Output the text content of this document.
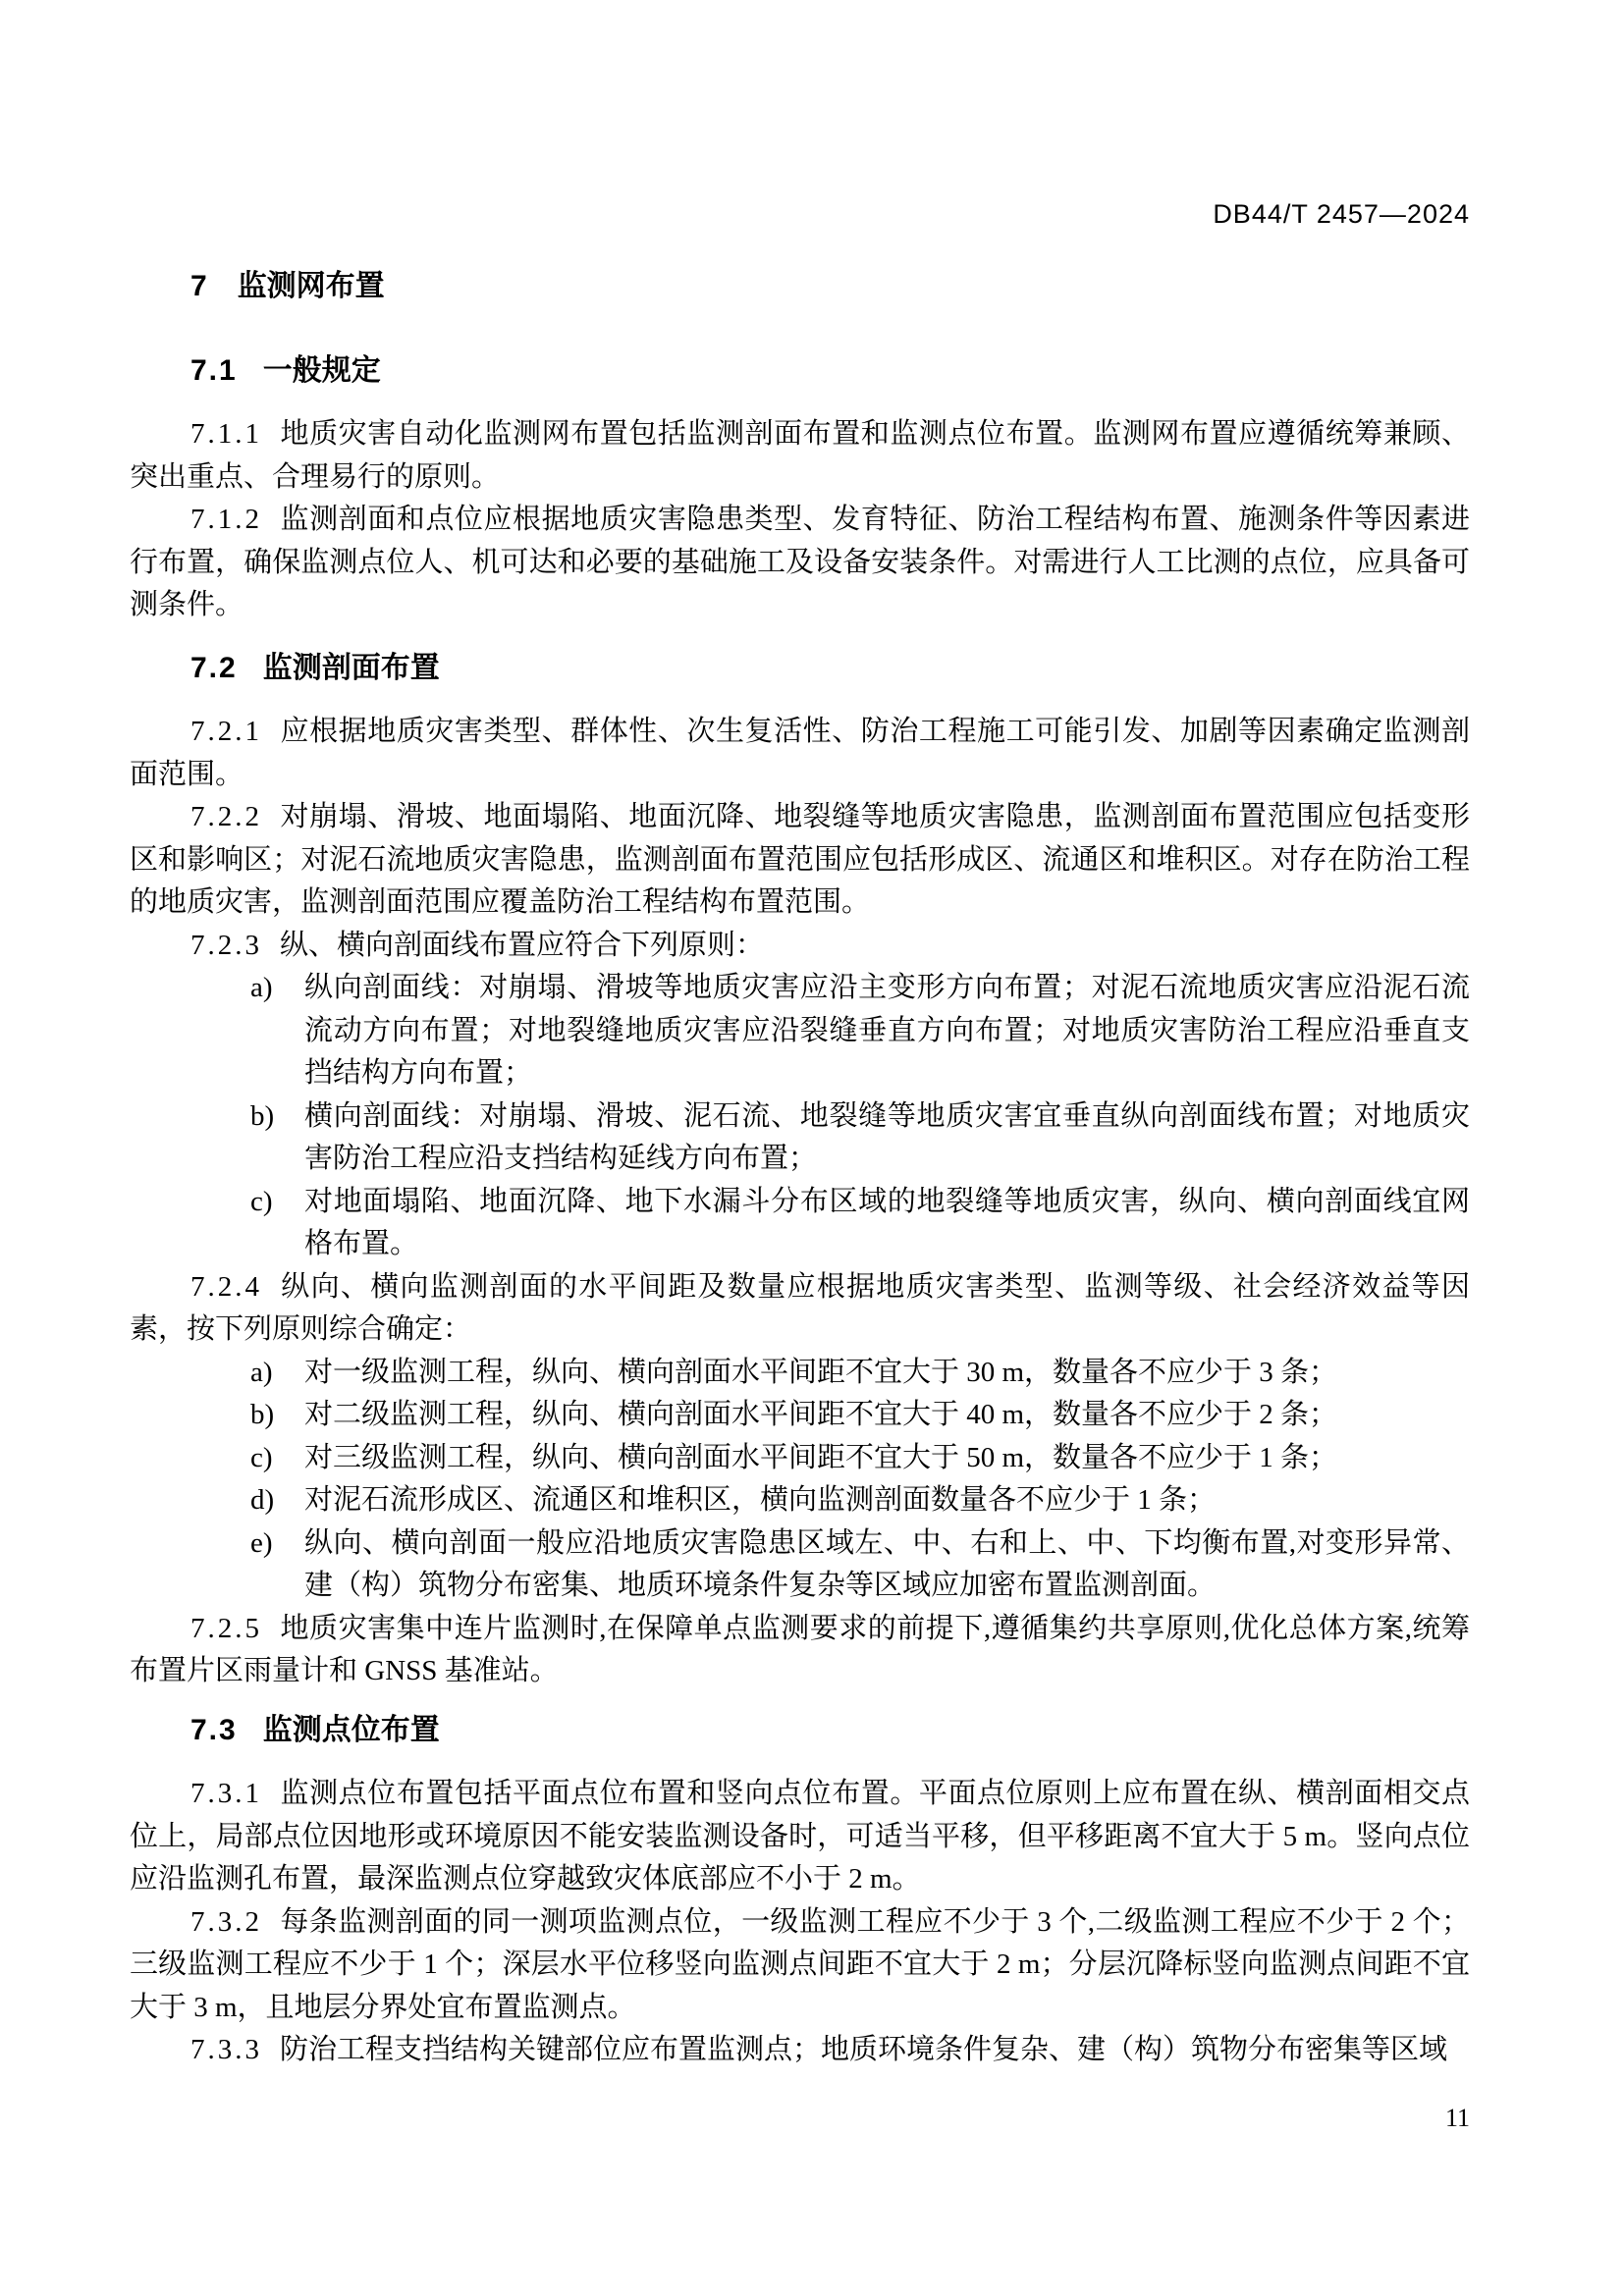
DB44/T 2457—2024
7 监测网布置
7.1 一般规定

7.1.1 地质灾害自动化监测网布置包括监测剖面布置和监测点位布置。监测网布置应遵循统筹兼顾、突出重点、合理易行的原则。

7.1.2 监测剖面和点位应根据地质灾害隐患类型、发育特征、防治工程结构布置、施测条件等因素进行布置，确保监测点位人、机可达和必要的基础施工及设备安装条件。对需进行人工比测的点位，应具备可测条件。

7.2 监测剖面布置

7.2.1 应根据地质灾害类型、群体性、次生复活性、防治工程施工可能引发、加剧等因素确定监测剖面范围。

7.2.2 对崩塌、滑坡、地面塌陷、地面沉降、地裂缝等地质灾害隐患，监测剖面布置范围应包括变形区和影响区；对泥石流地质灾害隐患，监测剖面布置范围应包括形成区、流通区和堆积区。对存在防治工程的地质灾害，监测剖面范围应覆盖防治工程结构布置范围。

7.2.3 纵、横向剖面线布置应符合下列原则：

a)	纵向剖面线：对崩塌、滑坡等地质灾害应沿主变形方向布置；对泥石流地质灾害应沿泥石流流动方向布置；对地裂缝地质灾害应沿裂缝垂直方向布置；对地质灾害防治工程应沿垂直支挡结构方向布置；
b)	横向剖面线：对崩塌、滑坡、泥石流、地裂缝等地质灾害宜垂直纵向剖面线布置；对地质灾害防治工程应沿支挡结构延线方向布置；
c)	对地面塌陷、地面沉降、地下水漏斗分布区域的地裂缝等地质灾害，纵向、横向剖面线宜网格布置。

7.2.4 纵向、横向监测剖面的水平间距及数量应根据地质灾害类型、监测等级、社会经济效益等因素，按下列原则综合确定：

a)	对一级监测工程，纵向、横向剖面水平间距不宜大于 30 m，数量各不应少于 3 条；
b)	对二级监测工程，纵向、横向剖面水平间距不宜大于 40 m，数量各不应少于 2 条；
c)	对三级监测工程，纵向、横向剖面水平间距不宜大于 50 m，数量各不应少于 1 条；
d)	对泥石流形成区、流通区和堆积区，横向监测剖面数量各不应少于 1 条；
e)	纵向、横向剖面一般应沿地质灾害隐患区域左、中、右和上、中、下均衡布置,对变形异常、建（构）筑物分布密集、地质环境条件复杂等区域应加密布置监测剖面。

7.2.5 地质灾害集中连片监测时,在保障单点监测要求的前提下,遵循集约共享原则,优化总体方案,统筹布置片区雨量计和 GNSS 基准站。

7.3 监测点位布置

7.3.1 监测点位布置包括平面点位布置和竖向点位布置。平面点位原则上应布置在纵、横剖面相交点位上，局部点位因地形或环境原因不能安装监测设备时，可适当平移，但平移距离不宜大于 5 m。竖向点位应沿监测孔布置，最深监测点位穿越致灾体底部应不小于 2 m。

7.3.2 每条监测剖面的同一测项监测点位，一级监测工程应不少于 3 个,二级监测工程应不少于 2 个；三级监测工程应不少于 1 个；深层水平位移竖向监测点间距不宜大于 2 m；分层沉降标竖向监测点间距不宜大于 3 m，且地层分界处宜布置监测点。

7.3.3 防治工程支挡结构关键部位应布置监测点；地质环境条件复杂、建（构）筑物分布密集等区域

11
